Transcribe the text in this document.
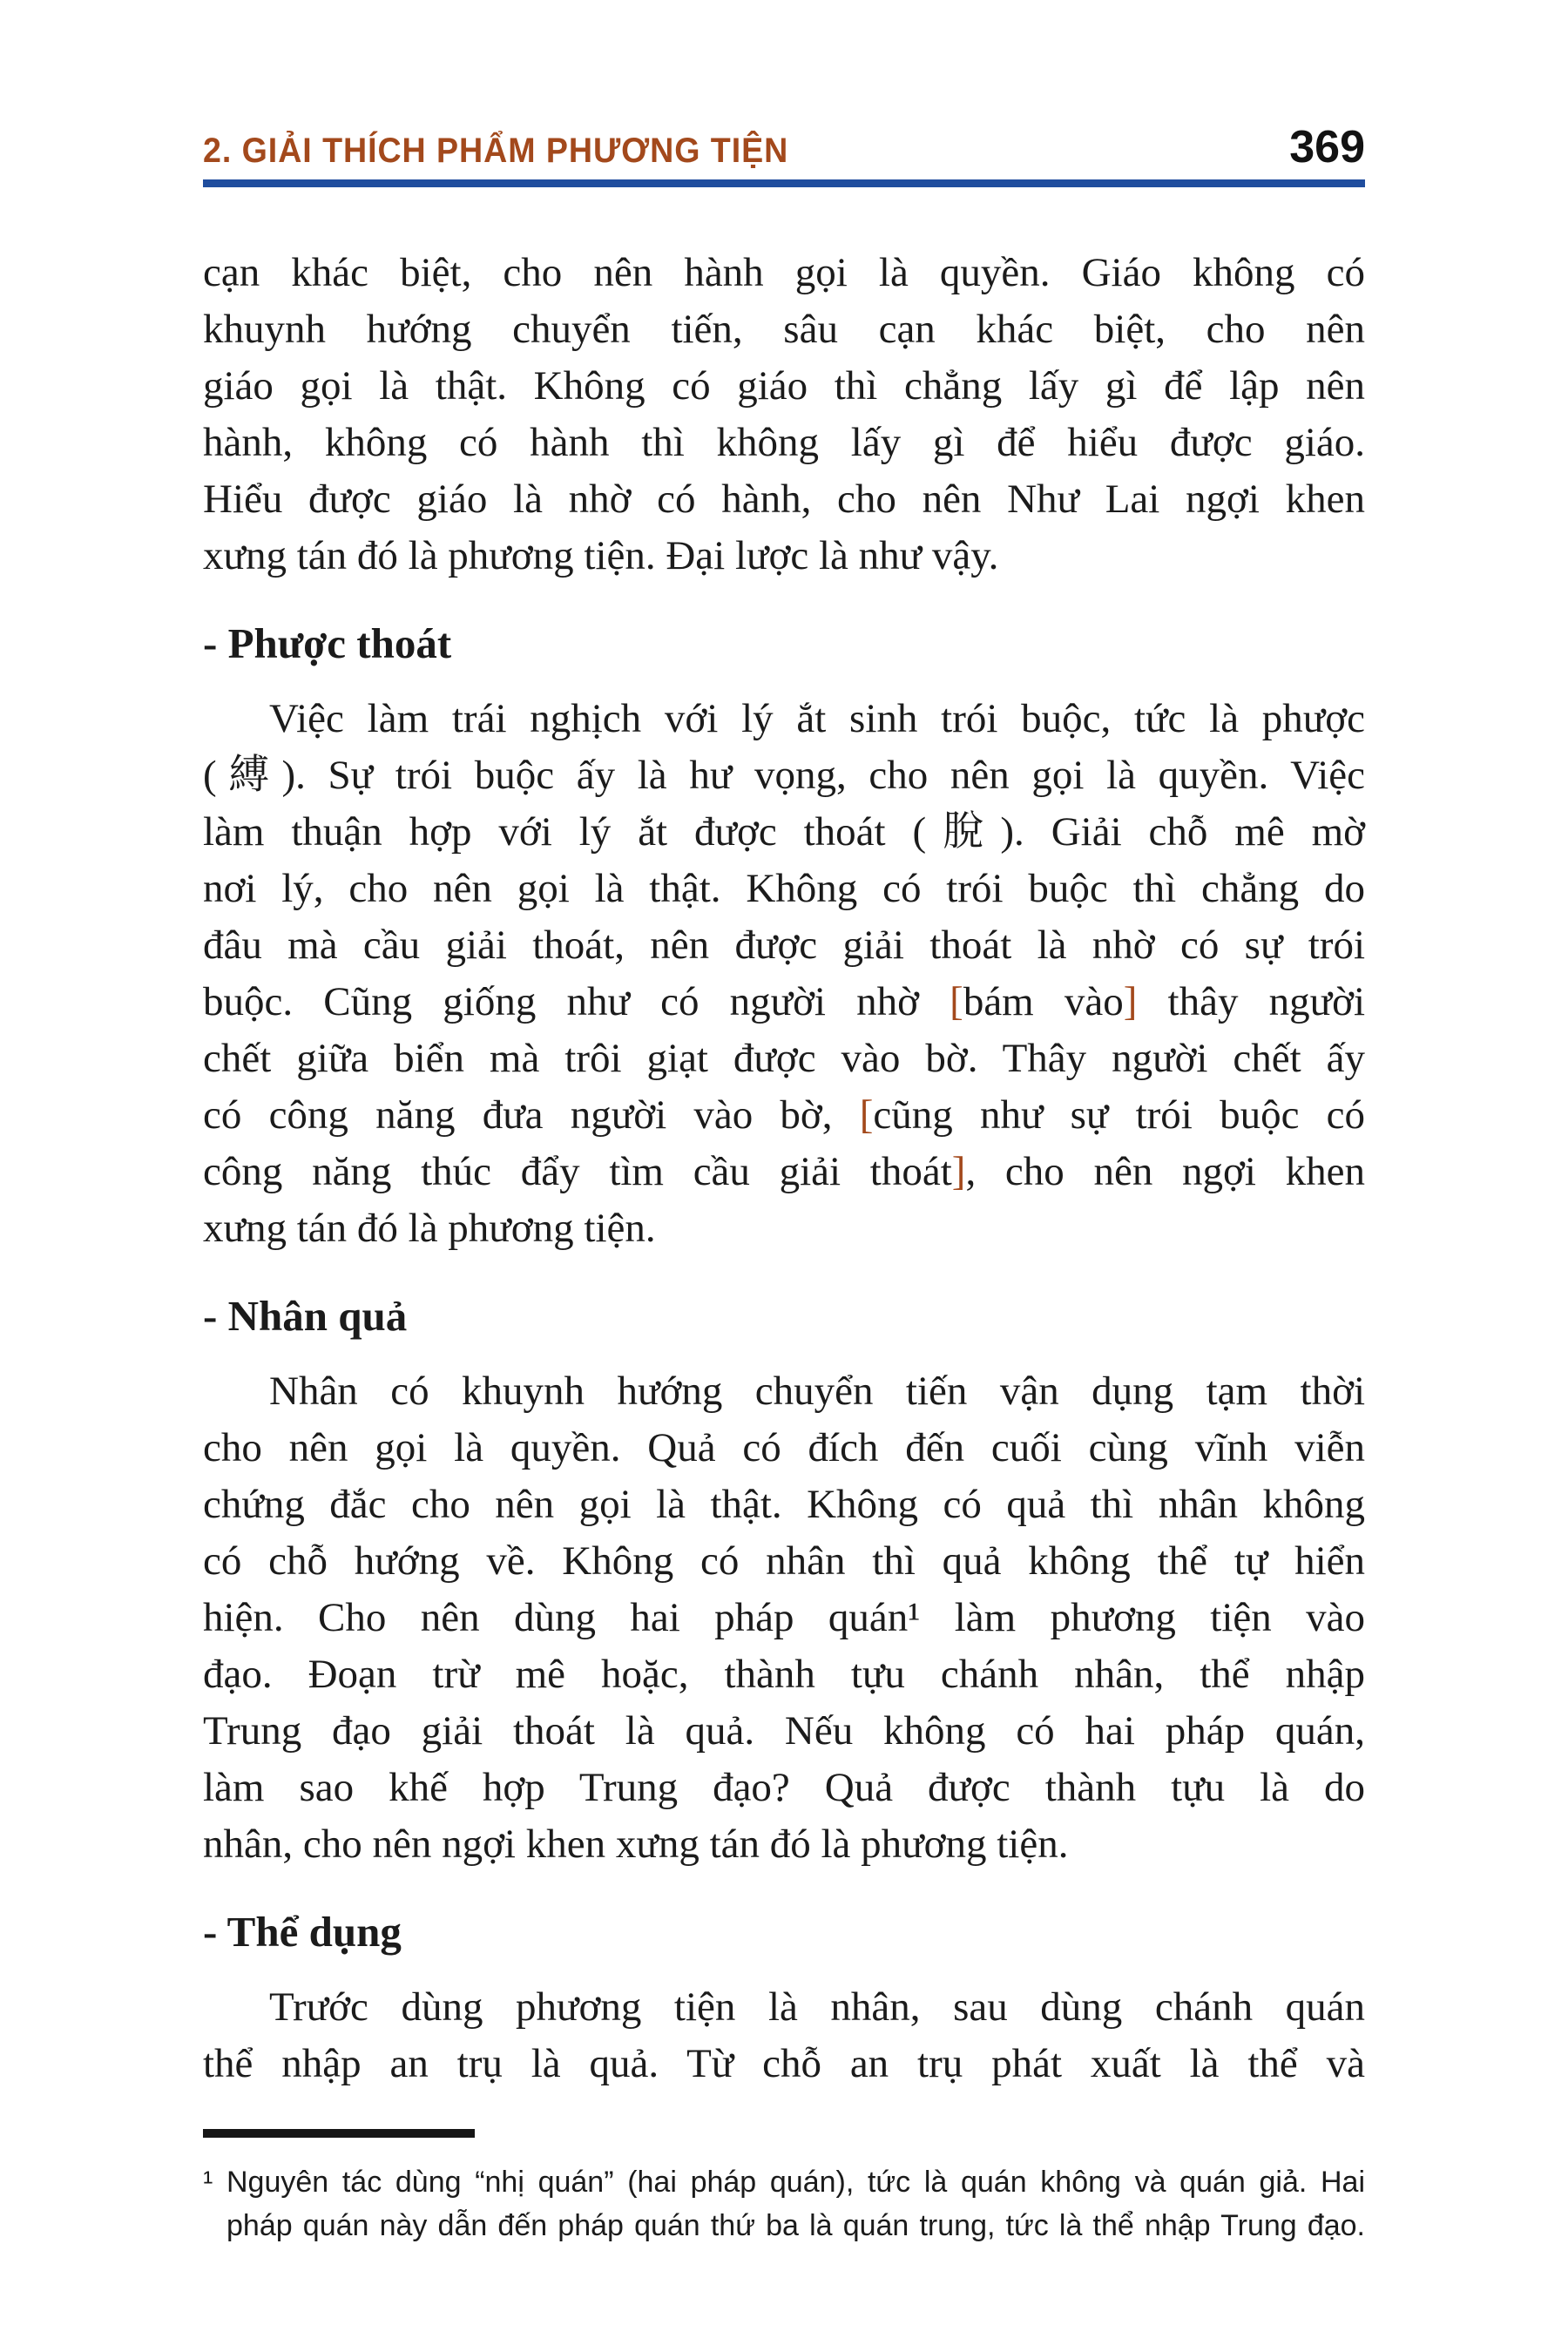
2. GIẢI THÍCH PHẨM PHƯƠNG TIỆN	369
cạn khác biệt, cho nên hành gọi là quyền. Giáo không có
khuynh hướng chuyển tiến, sâu cạn khác biệt, cho nên
giáo gọi là thật. Không có giáo thì chẳng lấy gì để lập nên
hành, không có hành thì không lấy gì để hiểu được giáo.
Hiểu được giáo là nhờ có hành, cho nên Như Lai ngợi khen
xưng tán đó là phương tiện. Đại lược là như vậy.
- Phược thoát
Việc làm trái nghịch với lý ắt sinh trói buộc, tức là phược
(縛). Sự trói buộc ấy là hư vọng, cho nên gọi là quyền. Việc
làm thuận hợp với lý ắt được thoát (脫). Giải chỗ mê mờ
nơi lý, cho nên gọi là thật. Không có trói buộc thì chẳng do
đâu mà cầu giải thoát, nên được giải thoát là nhờ có sự trói
buộc. Cũng giống như có người nhờ [bám vào] thây người
chết giữa biển mà trôi giạt được vào bờ. Thây người chết ấy
có công năng đưa người vào bờ, [cũng như sự trói buộc có
công năng thúc đẩy tìm cầu giải thoát], cho nên ngợi khen
xưng tán đó là phương tiện.
- Nhân quả
Nhân có khuynh hướng chuyển tiến vận dụng tạm thời
cho nên gọi là quyền. Quả có đích đến cuối cùng vĩnh viễn
chứng đắc cho nên gọi là thật. Không có quả thì nhân không
có chỗ hướng về. Không có nhân thì quả không thể tự hiển
hiện. Cho nên dùng hai pháp quán¹ làm phương tiện vào
đạo. Đoạn trừ mê hoặc, thành tựu chánh nhân, thể nhập
Trung đạo giải thoát là quả. Nếu không có hai pháp quán,
làm sao khế hợp Trung đạo? Quả được thành tựu là do
nhân, cho nên ngợi khen xưng tán đó là phương tiện.
- Thể dụng
Trước dùng phương tiện là nhân, sau dùng chánh quán
thể nhập an trụ là quả. Từ chỗ an trụ phát xuất là thể và
¹ Nguyên tác dùng “nhị quán” (hai pháp quán), tức là quán không và quán giả. Hai
pháp quán này dẫn đến pháp quán thứ ba là quán trung, tức là thể nhập Trung đạo.
